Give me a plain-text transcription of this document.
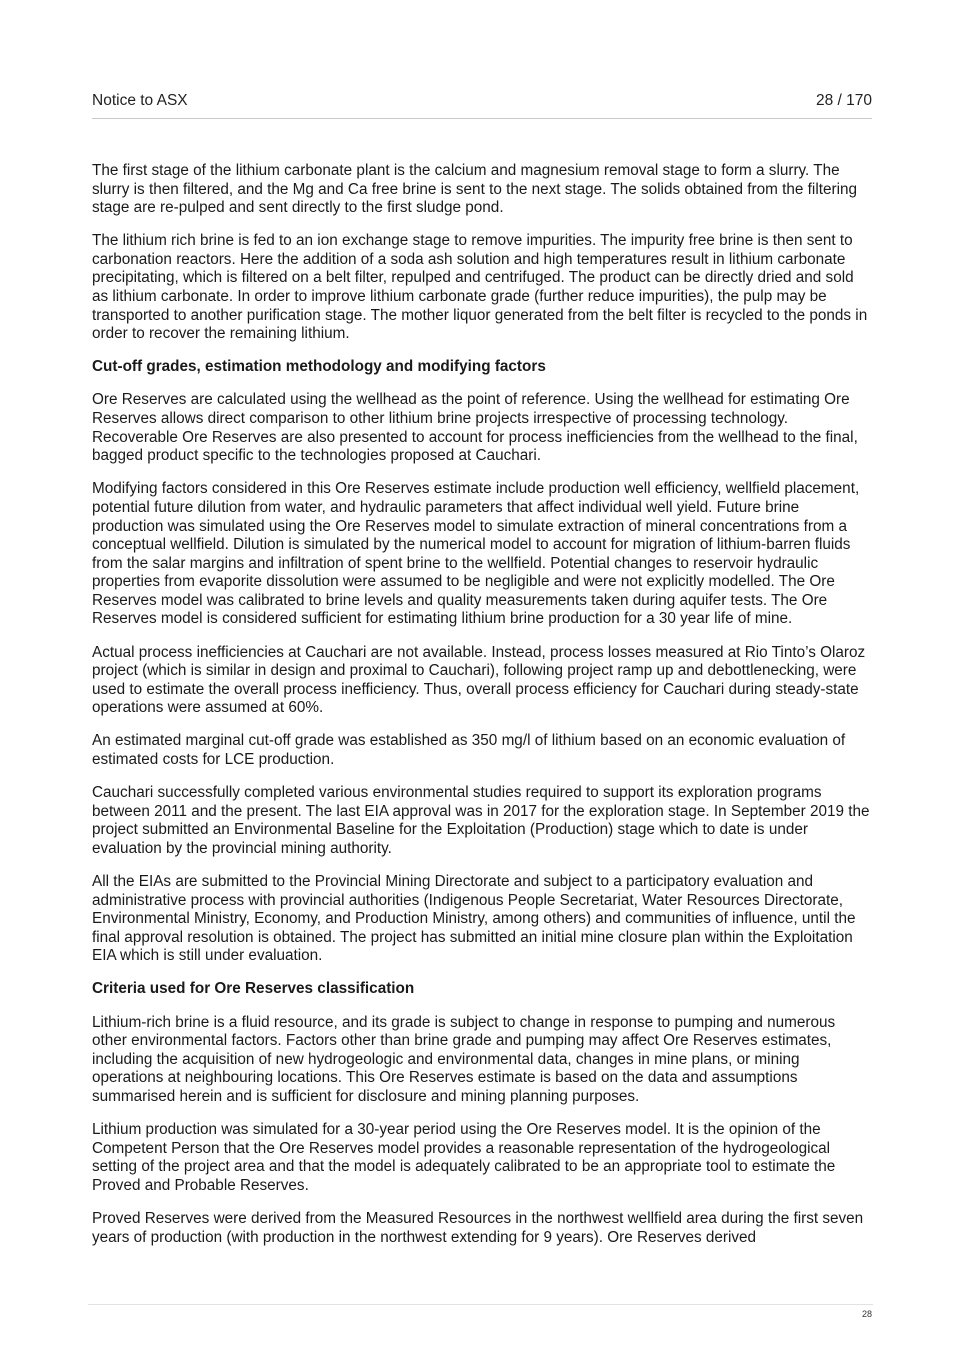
Notice to ASX	28 / 170

The first stage of the lithium carbonate plant is the calcium and magnesium removal stage to form a slurry. The slurry is then filtered, and the Mg and Ca free brine is sent to the next stage. The solids obtained from the filtering stage are re-pulped and sent directly to the first sludge pond.

The lithium rich brine is fed to an ion exchange stage to remove impurities. The impurity free brine is then sent to carbonation reactors. Here the addition of a soda ash solution and high temperatures result in lithium carbonate precipitating, which is filtered on a belt filter, repulped and centrifuged. The product can be directly dried and sold as lithium carbonate. In order to improve lithium carbonate grade (further reduce impurities), the pulp may be transported to another purification stage. The mother liquor generated from the belt filter is recycled to the ponds in order to recover the remaining lithium.

Cut-off grades, estimation methodology and modifying factors

Ore Reserves are calculated using the wellhead as the point of reference. Using the wellhead for estimating Ore Reserves allows direct comparison to other lithium brine projects irrespective of processing technology. Recoverable Ore Reserves are also presented to account for process inefficiencies from the wellhead to the final, bagged product specific to the technologies proposed at Cauchari.

Modifying factors considered in this Ore Reserves estimate include production well efficiency, wellfield placement, potential future dilution from water, and hydraulic parameters that affect individual well yield. Future brine production was simulated using the Ore Reserves model to simulate extraction of mineral concentrations from a conceptual wellfield. Dilution is simulated by the numerical model to account for migration of lithium-barren fluids from the salar margins and infiltration of spent brine to the wellfield. Potential changes to reservoir hydraulic properties from evaporite dissolution were assumed to be negligible and were not explicitly modelled. The Ore Reserves model was calibrated to brine levels and quality measurements taken during aquifer tests. The Ore Reserves model is considered sufficient for estimating lithium brine production for a 30 year life of mine.

Actual process inefficiencies at Cauchari are not available. Instead, process losses measured at Rio Tinto’s Olaroz project (which is similar in design and proximal to Cauchari), following project ramp up and debottlenecking, were used to estimate the overall process inefficiency. Thus, overall process efficiency for Cauchari during steady-state operations were assumed at 60%.

An estimated marginal cut-off grade was established as 350 mg/l of lithium based on an economic evaluation of estimated costs for LCE production.

Cauchari successfully completed various environmental studies required to support its exploration programs between 2011 and the present. The last EIA approval was in 2017 for the exploration stage. In September 2019 the project submitted an Environmental Baseline for the Exploitation (Production) stage which to date is under evaluation by the provincial mining authority.

All the EIAs are submitted to the Provincial Mining Directorate and subject to a participatory evaluation and administrative process with provincial authorities (Indigenous People Secretariat, Water Resources Directorate, Environmental Ministry, Economy, and Production Ministry, among others) and communities of influence, until the final approval resolution is obtained. The project has submitted an initial mine closure plan within the Exploitation EIA which is still under evaluation.

Criteria used for Ore Reserves classification

Lithium-rich brine is a fluid resource, and its grade is subject to change in response to pumping and numerous other environmental factors. Factors other than brine grade and pumping may affect Ore Reserves estimates, including the acquisition of new hydrogeologic and environmental data, changes in mine plans, or mining operations at neighbouring locations. This Ore Reserves estimate is based on the data and assumptions summarised herein and is sufficient for disclosure and mining planning purposes.

Lithium production was simulated for a 30-year period using the Ore Reserves model. It is the opinion of the Competent Person that the Ore Reserves model provides a reasonable representation of the hydrogeological setting of the project area and that the model is adequately calibrated to be an appropriate tool to estimate the Proved and Probable Reserves.

Proved Reserves were derived from the Measured Resources in the northwest wellfield area during the first seven years of production (with production in the northwest extending for 9 years). Ore Reserves derived

28
